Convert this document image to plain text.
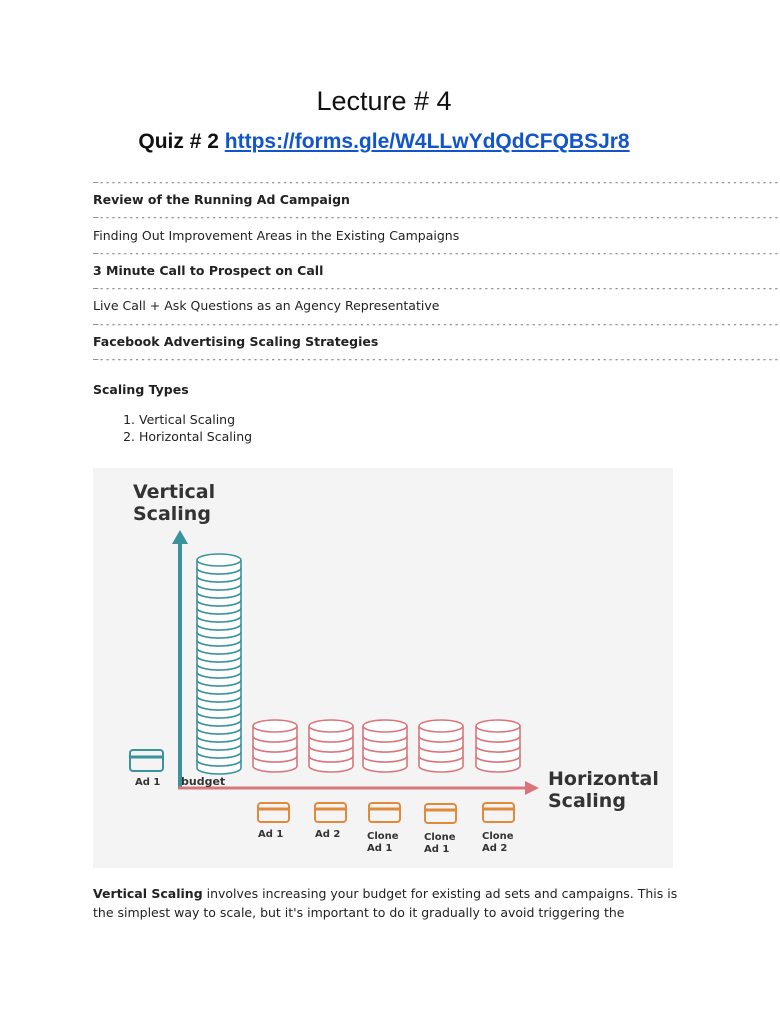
Lecture # 4
Quiz # 2 https://forms.gle/W4LLwYdQdCFQBSJr8
—-------------------------------------------------------------------------------------------------------------------
Review of the Running Ad Campaign
—-------------------------------------------------------------------------------------------------------------------
Finding Out Improvement Areas in the Existing Campaigns
—-------------------------------------------------------------------------------------------------------------------
3 Minute Call to Prospect on Call
—-------------------------------------------------------------------------------------------------------------------
Live Call + Ask Questions as an Agency Representative
—-------------------------------------------------------------------------------------------------------------------
Facebook Advertising Scaling Strategies
—-------------------------------------------------------------------------------------------------------------------
Scaling Types
1. Vertical Scaling
2. Horizontal Scaling
Vertical
Scaling
Horizontal
Scaling
Ad 1 budget
Ad 1	Ad 2	Clone
Ad 1
Clone
Ad 1
Clone
Ad 2
Vertical Scaling involves increasing your budget for existing ad sets and campaigns. This is the simplest way to scale, but it's important to do it gradually to avoid triggering the
